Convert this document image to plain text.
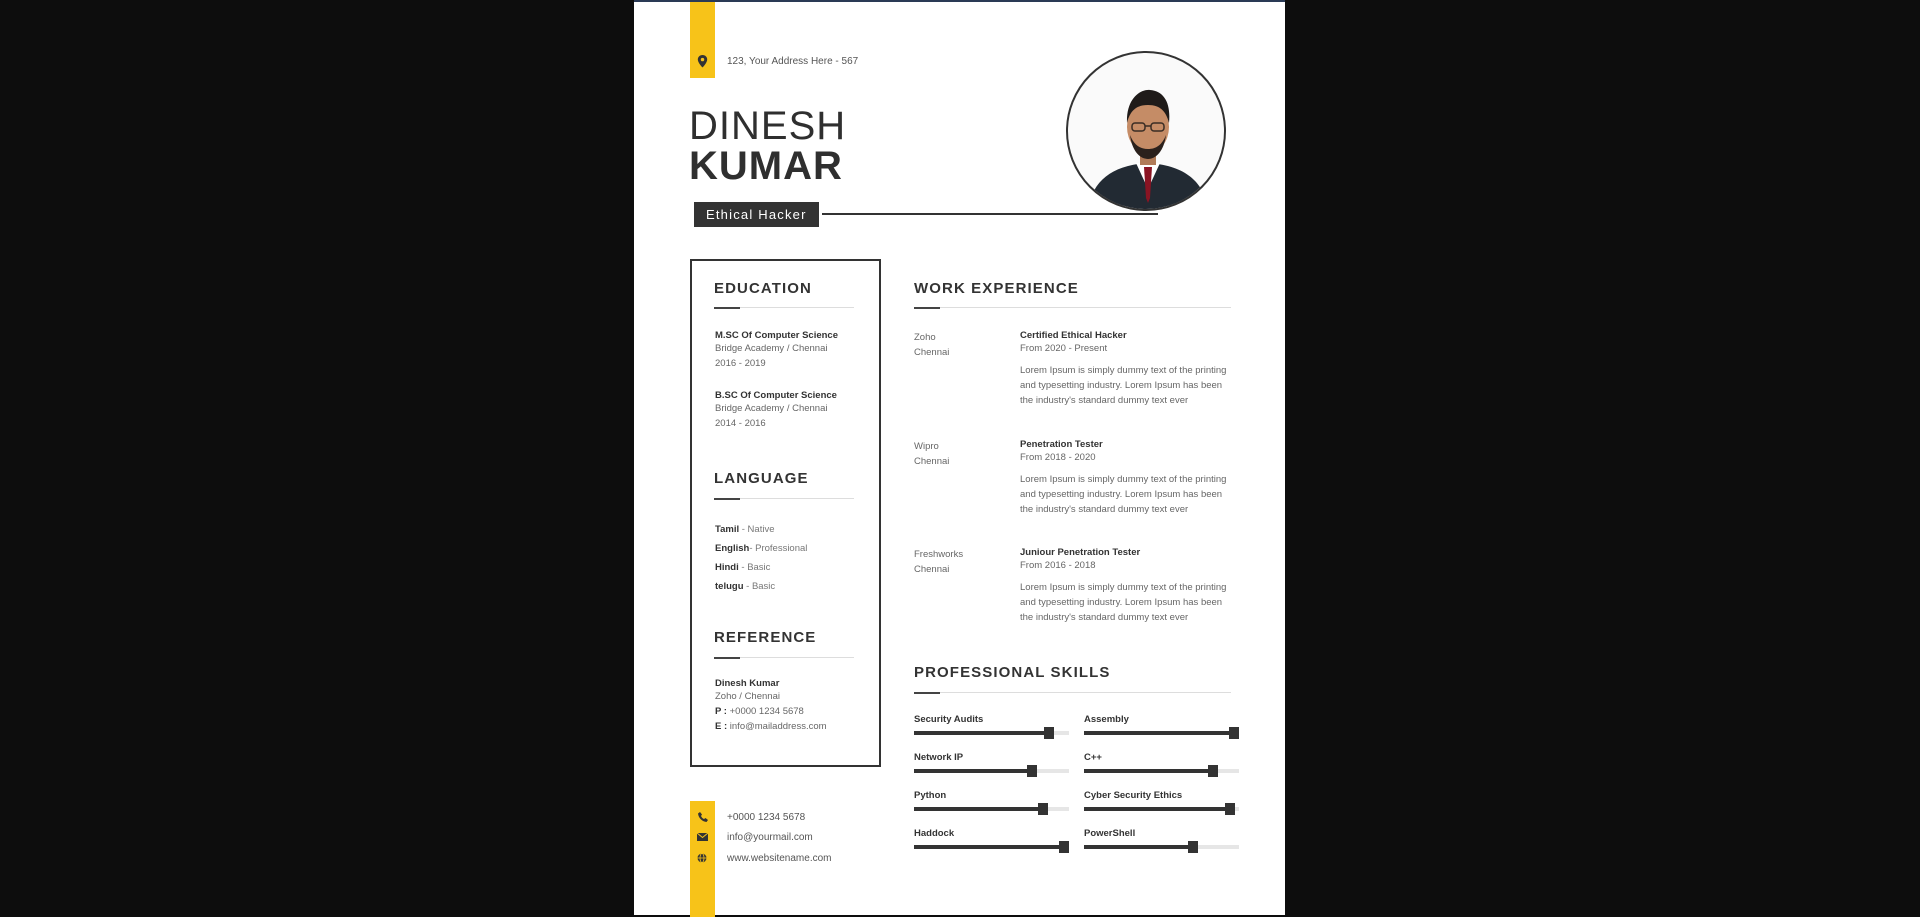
123, Your Address Here - 567
DINESH
KUMAR
Ethical Hacker
EDUCATION
M.SC Of Computer Science
Bridge Academy / Chennai
2016 - 2019
B.SC Of Computer Science
Bridge Academy / Chennai
2014 - 2016
LANGUAGE
Tamil - Native
English- Professional
Hindi - Basic
telugu - Basic
REFERENCE
Dinesh Kumar
Zoho / Chennai
P : +0000 1234 5678
E : info@mailaddress.com
+0000 1234 5678
info@yourmail.com
www.websitename.com
WORK EXPERIENCE
Zoho
Chennai
Certified Ethical Hacker
From 2020 - Present
Lorem Ipsum is simply dummy text of the printing and typesetting industry. Lorem Ipsum has been the industry's standard dummy text ever
Wipro
Chennai
Penetration Tester
From 2018 - 2020
Lorem Ipsum is simply dummy text of the printing and typesetting industry. Lorem Ipsum has been the industry's standard dummy text ever
Freshworks
Chennai
Juniour Penetration Tester
From 2016 - 2018
Lorem Ipsum is simply dummy text of the printing and typesetting industry. Lorem Ipsum has been the industry's standard dummy text ever
PROFESSIONAL SKILLS
Security Audits	Assembly
Network IP	C++
Python	Cyber Security Ethics
Haddock	PowerShell
